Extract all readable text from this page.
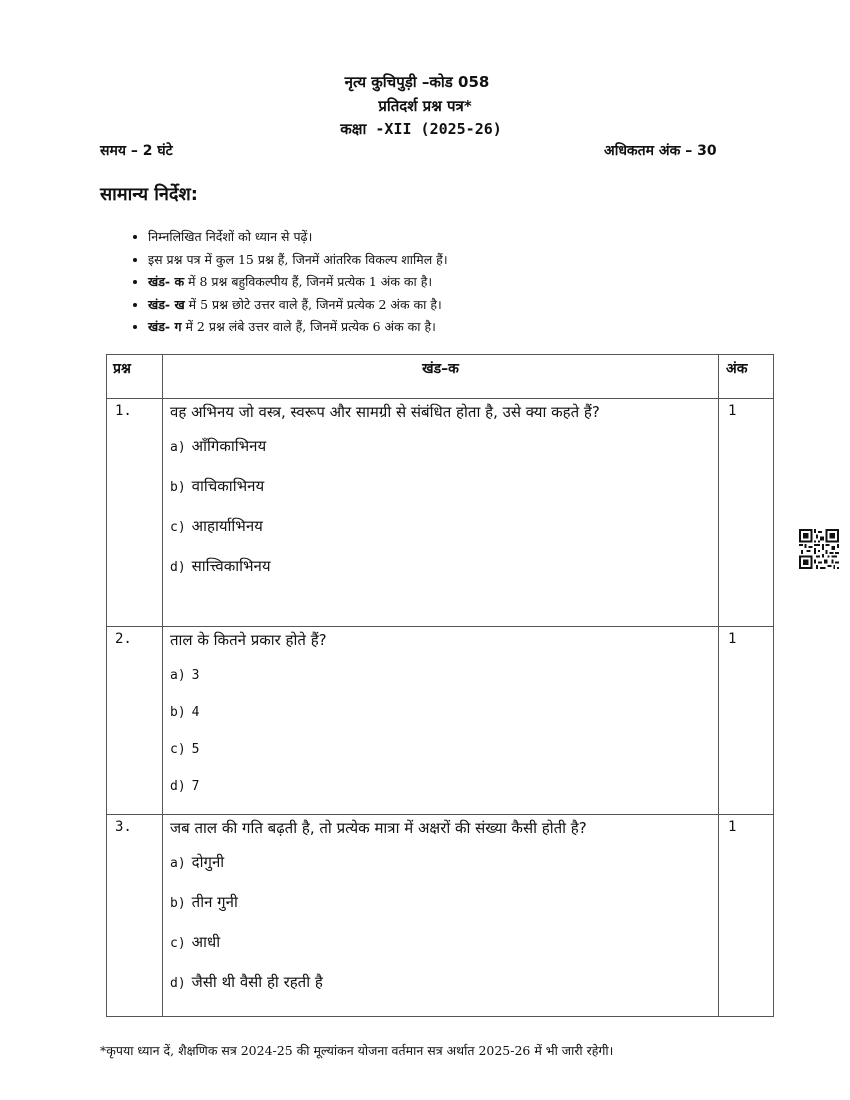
नृत्य कुचिपुड़ी –कोड 058
प्रतिदर्श प्रश्न पत्र*
कक्षा -XII (2025-26)
समय – 2 घंटे	अधिकतम अंक – 30
सामान्य निर्देश:
• निम्नलिखित निर्देशों को ध्यान से पढ़ें।
• इस प्रश्न पत्र में कुल 15 प्रश्न हैं, जिनमें आंतरिक विकल्प शामिल हैं।
• खंड- क में 8 प्रश्न बहुविकल्पीय हैं, जिनमें प्रत्येक 1 अंक का है।
• खंड- ख में 5 प्रश्न छोटे उत्तर वाले हैं, जिनमें प्रत्येक 2 अंक का है।
• खंड- ग में 2 प्रश्न लंबे उत्तर वाले हैं, जिनमें प्रत्येक 6 अंक का है।
प्रश्न	खंड–क	अंक
1.	वह अभिनय जो वस्त्र, स्वरूप और सामग्री से संबंधित होता है, उसे क्या कहते हैं?
a) आँगिकाभिनय
b) वाचिकाभिनय
c) आहार्याभिनय
d) सात्त्विकाभिनय	1
2.	ताल के कितने प्रकार होते हैं?
a) 3
b) 4
c) 5
d) 7	1
3.	जब ताल की गति बढ़ती है, तो प्रत्येक मात्रा में अक्षरों की संख्या कैसी होती है?
a) दोगुनी
b) तीन गुनी
c) आधी
d) जैसी थी वैसी ही रहती है	1
*कृपया ध्यान दें, शैक्षणिक सत्र 2024-25 की मूल्यांकन योजना वर्तमान सत्र अर्थात 2025-26 में भी जारी रहेगी।
